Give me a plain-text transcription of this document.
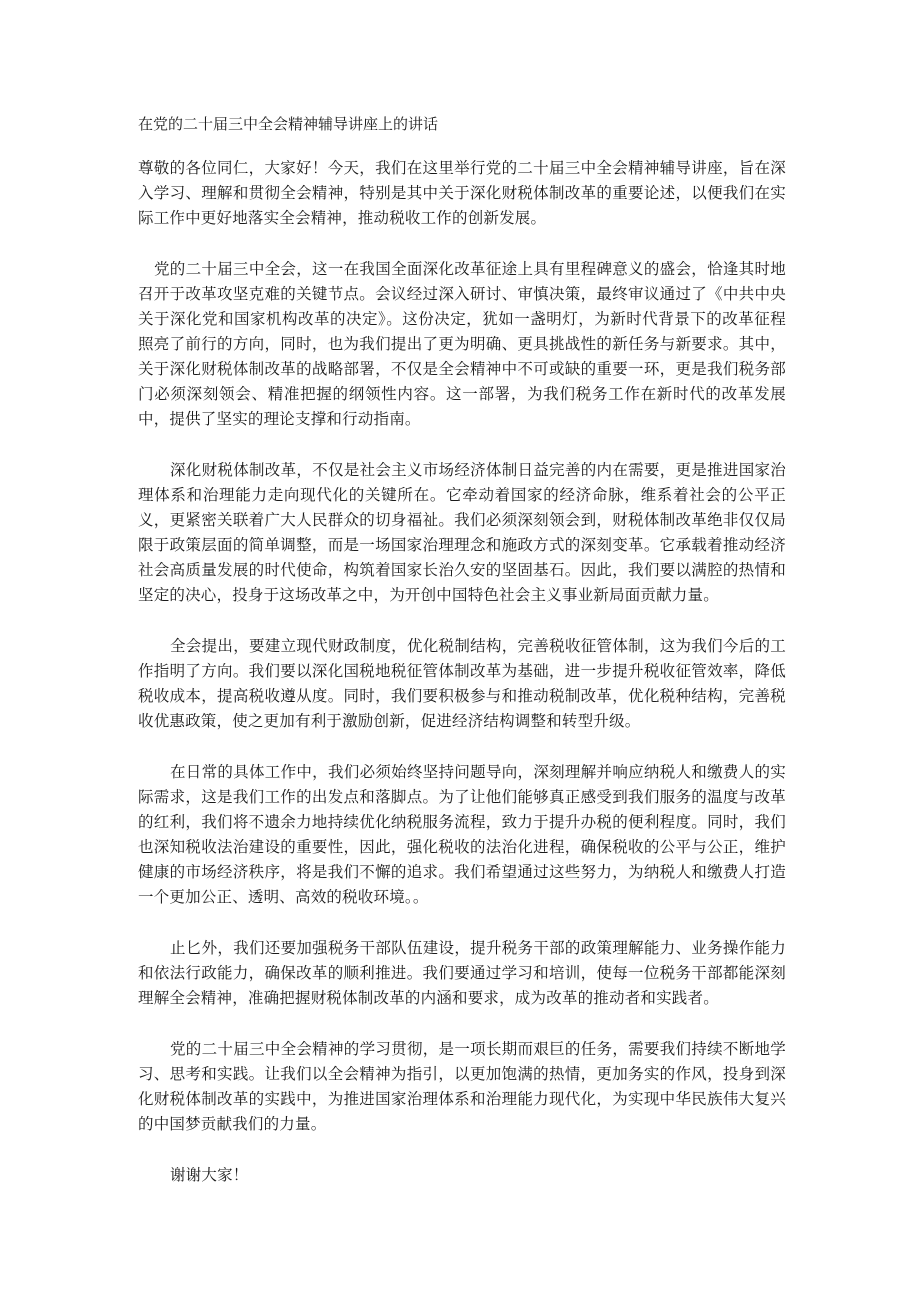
在党的二十届三中全会精神辅导讲座上的讲话

尊敬的各位同仁，大家好！今天，我们在这里举行党的二十届三中全会精神辅导讲座，旨在深入学习、理解和贯彻全会精神，特别是其中关于深化财税体制改革的重要论述，以便我们在实际工作中更好地落实全会精神，推动税收工作的创新发展。

党的二十届三中全会，这一在我国全面深化改革征途上具有里程碑意义的盛会，恰逢其时地召开于改革攻坚克难的关键节点。会议经过深入研讨、审慎决策，最终审议通过了《中共中央关于深化党和国家机构改革的决定》。这份决定，犹如一盏明灯，为新时代背景下的改革征程照亮了前行的方向，同时，也为我们提出了更为明确、更具挑战性的新任务与新要求。其中，关于深化财税体制改革的战略部署，不仅是全会精神中不可或缺的重要一环，更是我们税务部门必须深刻领会、精准把握的纲领性内容。这一部署，为我们税务工作在新时代的改革发展中，提供了坚实的理论支撑和行动指南。

深化财税体制改革，不仅是社会主义市场经济体制日益完善的内在需要，更是推进国家治理体系和治理能力走向现代化的关键所在。它牵动着国家的经济命脉，维系着社会的公平正义，更紧密关联着广大人民群众的切身福祉。我们必须深刻领会到，财税体制改革绝非仅仅局限于政策层面的简单调整，而是一场国家治理理念和施政方式的深刻变革。它承载着推动经济社会高质量发展的时代使命，构筑着国家长治久安的坚固基石。因此，我们要以满腔的热情和坚定的决心，投身于这场改革之中，为开创中国特色社会主义事业新局面贡献力量。

全会提出，要建立现代财政制度，优化税制结构，完善税收征管体制，这为我们今后的工作指明了方向。我们要以深化国税地税征管体制改革为基础，进一步提升税收征管效率，降低税收成本，提高税收遵从度。同时，我们要积极参与和推动税制改革，优化税种结构，完善税收优惠政策，使之更加有利于激励创新，促进经济结构调整和转型升级。

在日常的具体工作中，我们必须始终坚持问题导向，深刻理解并响应纳税人和缴费人的实际需求，这是我们工作的出发点和落脚点。为了让他们能够真正感受到我们服务的温度与改革的红利，我们将不遗余力地持续优化纳税服务流程，致力于提升办税的便利程度。同时，我们也深知税收法治建设的重要性，因此，强化税收的法治化进程，确保税收的公平与公正，维护健康的市场经济秩序，将是我们不懈的追求。我们希望通过这些努力，为纳税人和缴费人打造一个更加公正、透明、高效的税收环境。。

止匕外，我们还要加强税务干部队伍建设，提升税务干部的政策理解能力、业务操作能力和依法行政能力，确保改革的顺利推进。我们要通过学习和培训，使每一位税务干部都能深刻理解全会精神，准确把握财税体制改革的内涵和要求，成为改革的推动者和实践者。

党的二十届三中全会精神的学习贯彻，是一项长期而艰巨的任务，需要我们持续不断地学习、思考和实践。让我们以全会精神为指引，以更加饱满的热情，更加务实的作风，投身到深化财税体制改革的实践中，为推进国家治理体系和治理能力现代化，为实现中华民族伟大复兴的中国梦贡献我们的力量。

谢谢大家！
